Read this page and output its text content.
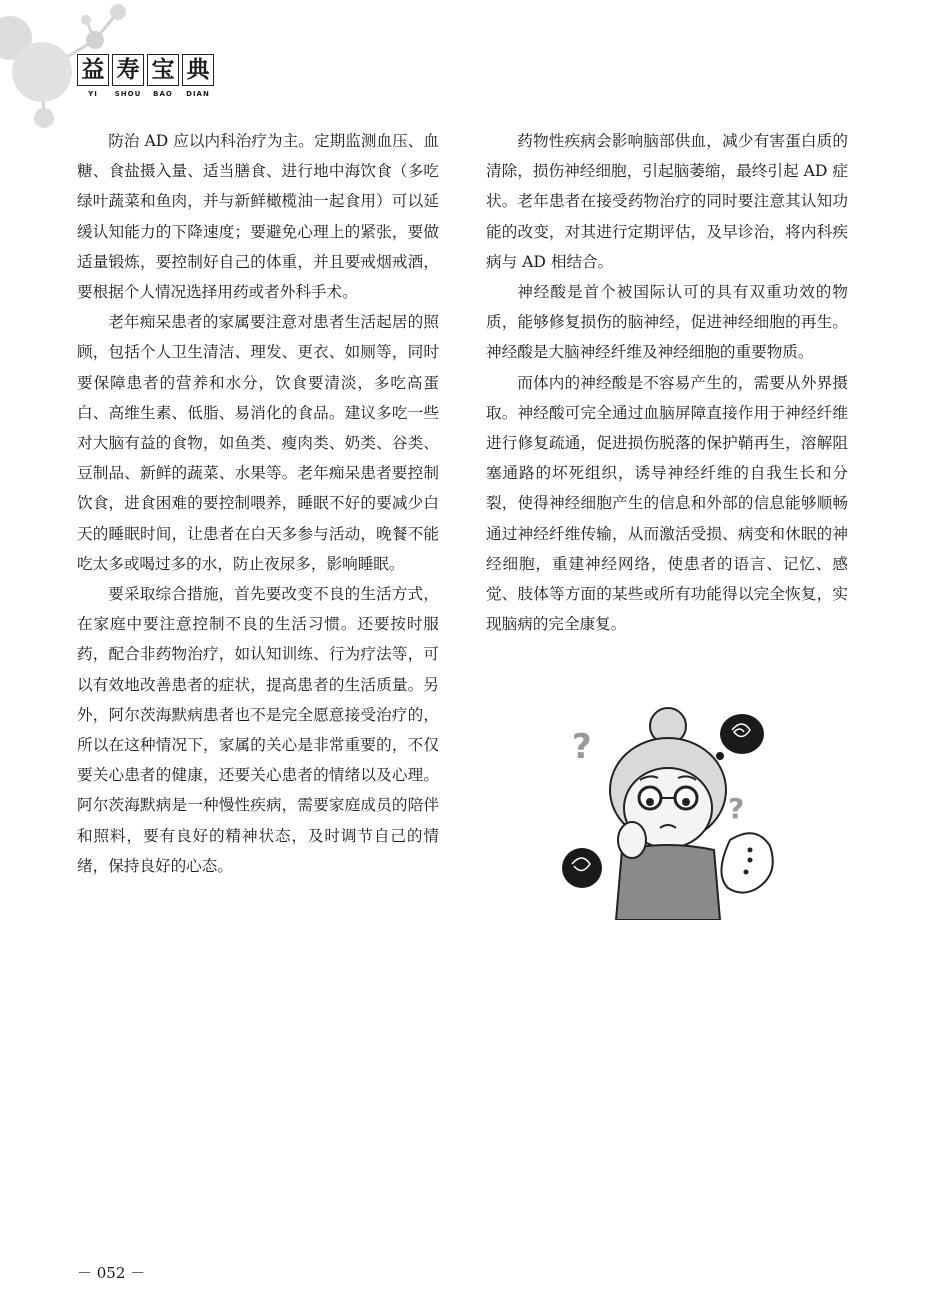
益 寿 宝 典
YI	SHOU	BAO	DIAN

防治 AD 应以内科治疗为主。定期监测血压、血糖、食盐摄入量、适当膳食、进行地中海饮食（多吃绿叶蔬菜和鱼肉，并与新鲜橄榄油一起食用）可以延缓认知能力的下降速度；要避免心理上的紧张，要做适量锻炼，要控制好自己的体重，并且要戒烟戒酒，要根据个人情况选择用药或者外科手术。

老年痴呆患者的家属要注意对患者生活起居的照顾，包括个人卫生清洁、理发、更衣、如厕等，同时要保障患者的营养和水分，饮食要清淡，多吃高蛋白、高维生素、低脂、易消化的食品。建议多吃一些对大脑有益的食物，如鱼类、瘦肉类、奶类、谷类、豆制品、新鲜的蔬菜、水果等。老年痴呆患者要控制饮食，进食困难的要控制喂养，睡眠不好的要减少白天的睡眠时间，让患者在白天多参与活动，晚餐不能吃太多或喝过多的水，防止夜尿多，影响睡眠。

要采取综合措施，首先要改变不良的生活方式，在家庭中要注意控制不良的生活习惯。还要按时服药，配合非药物治疗，如认知训练、行为疗法等，可以有效地改善患者的症状，提高患者的生活质量。另外，阿尔茨海默病患者也不是完全愿意接受治疗的，所以在这种情况下，家属的关心是非常重要的，不仅要关心患者的健康，还要关心患者的情绪以及心理。阿尔茨海默病是一种慢性疾病，需要家庭成员的陪伴和照料，要有良好的精神状态，及时调节自己的情绪，保持良好的心态。

药物性疾病会影响脑部供血，减少有害蛋白质的清除，损伤神经细胞，引起脑萎缩，最终引起 AD 症状。老年患者在接受药物治疗的同时要注意其认知功能的改变，对其进行定期评估，及早诊治，将内科疾病与 AD 相结合。

神经酸是首个被国际认可的具有双重功效的物质，能够修复损伤的脑神经，促进神经细胞的再生。神经酸是大脑神经纤维及神经细胞的重要物质。

而体内的神经酸是不容易产生的，需要从外界摄取。神经酸可完全通过血脑屏障直接作用于神经纤维进行修复疏通，促进损伤脱落的保护鞘再生，溶解阻塞通路的坏死组织，诱导神经纤维的自我生长和分裂，使得神经细胞产生的信息和外部的信息能够顺畅通过神经纤维传输，从而激活受损、病变和休眠的神经细胞，重建神经网络，使患者的语言、记忆、感觉、肢体等方面的某些或所有功能得以完全恢复，实现脑病的完全康复。

?
?
－ 052 －
